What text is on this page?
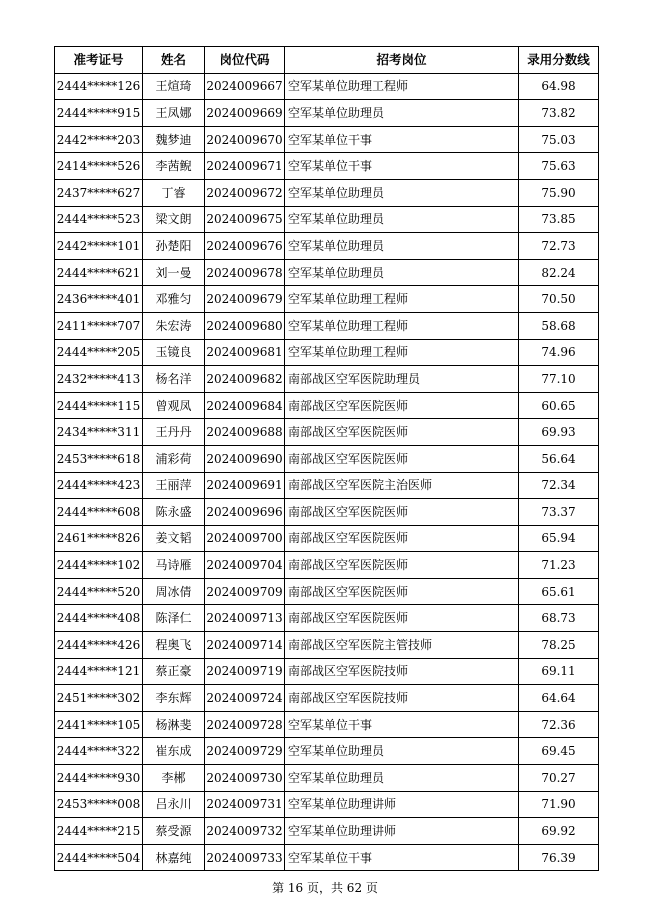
准考证号	姓名	岗位代码	招考岗位	录用分数线
2444*****126	王煊琦	2024009667	空军某单位助理工程师	64.98
2444*****915	王凤娜	2024009669	空军某单位助理员	73.82
2442*****203	魏梦迪	2024009670	空军某单位干事	75.03
2414*****526	李茜鲵	2024009671	空军某单位干事	75.63
2437*****627	丁睿	2024009672	空军某单位助理员	75.90
2444*****523	梁文朗	2024009675	空军某单位助理员	73.85
2442*****101	孙楚阳	2024009676	空军某单位助理员	72.73
2444*****621	刘一曼	2024009678	空军某单位助理员	82.24
2436*****401	邓雅匀	2024009679	空军某单位助理工程师	70.50
2411*****707	朱宏涛	2024009680	空军某单位助理工程师	58.68
2444*****205	玉镜良	2024009681	空军某单位助理工程师	74.96
2432*****413	杨名洋	2024009682	南部战区空军医院助理员	77.10
2444*****115	曾观凤	2024009684	南部战区空军医院医师	60.65
2434*****311	王丹丹	2024009688	南部战区空军医院医师	69.93
2453*****618	浦彩荷	2024009690	南部战区空军医院医师	56.64
2444*****423	王丽萍	2024009691	南部战区空军医院主治医师	72.34
2444*****608	陈永盛	2024009696	南部战区空军医院医师	73.37
2461*****826	姜文韬	2024009700	南部战区空军医院医师	65.94
2444*****102	马诗雁	2024009704	南部战区空军医院医师	71.23
2444*****520	周冰倩	2024009709	南部战区空军医院医师	65.61
2444*****408	陈泽仁	2024009713	南部战区空军医院医师	68.73
2444*****426	程奥飞	2024009714	南部战区空军医院主管技师	78.25
2444*****121	蔡正豪	2024009719	南部战区空军医院技师	69.11
2451*****302	李东辉	2024009724	南部战区空军医院技师	64.64
2441*****105	杨淋斐	2024009728	空军某单位干事	72.36
2444*****322	崔东成	2024009729	空军某单位助理员	69.45
2444*****930	李郴	2024009730	空军某单位助理员	70.27
2453*****008	吕永川	2024009731	空军某单位助理讲师	71.90
2444*****215	蔡受源	2024009732	空军某单位助理讲师	69.92
2444*****504	林嘉纯	2024009733	空军某单位干事	76.39
第 16 页，共 62 页
